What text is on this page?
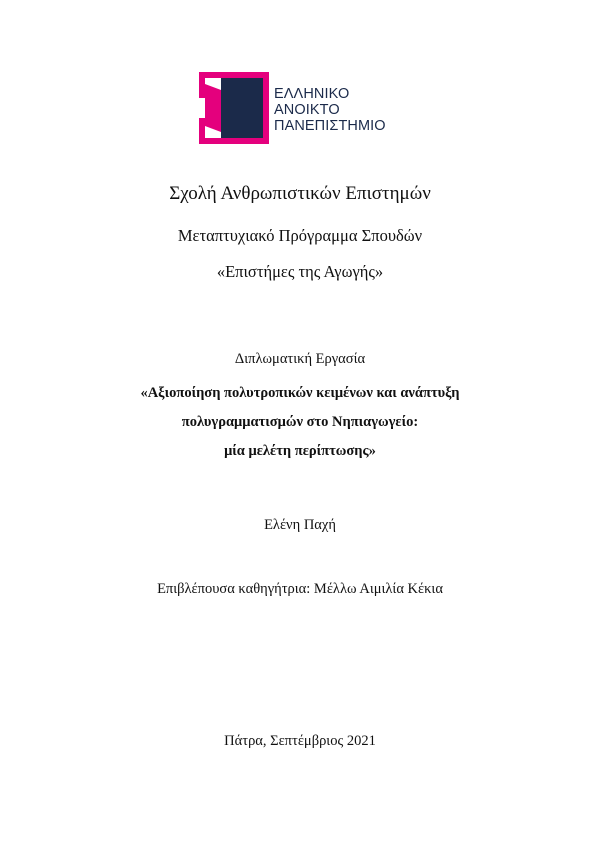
ΕΛΛΗΝΙΚΟ
ΑΝΟΙΚΤΟ
ΠΑΝΕΠΙΣΤΗΜΙΟ
Σχολή Ανθρωπιστικών Επιστημών
Μεταπτυχιακό Πρόγραμμα Σπουδών
«Επιστήμες της Αγωγής»
Διπλωματική Εργασία
«Αξιοποίηση πολυτροπικών κειμένων και ανάπτυξη
πολυγραμματισμών στο Νηπιαγωγείο:
μία μελέτη περίπτωσης»
Ελένη Παχή
Επιβλέπουσα καθηγήτρια: Μέλλω Αιμιλία Κέκια
Πάτρα, Σεπτέμβριος 2021
